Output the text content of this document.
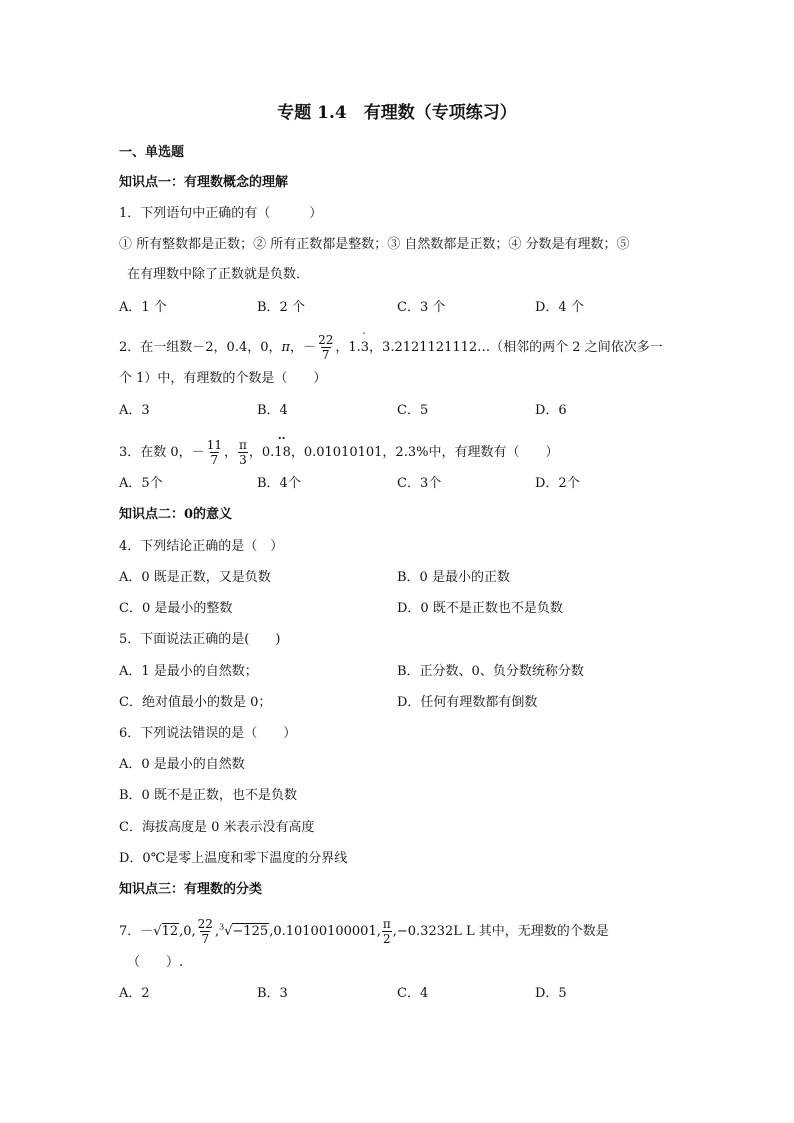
专题 1.4　有理数（专项练习）
一、单选题
知识点一：有理数概念的理解
1．下列语句中正确的有（　　　）
① 所有整数都是正数；② 所有正数都是整数；③ 自然数都是正数；④ 分数是有理数；⑤
在有理数中除了正数就是负数．
A．1 个	B．2 个	C．3 个	D．4 个
2．在一组数－2，0.4，0，π，－ $\frac{22}{7}$ ，1.3
·
，3.2121121112…（相邻的两个 2 之间依次多一
个 1）中，有理数的个数是（　　）
A．3	B．4	C．5	D．6
3．在数 0，－ $\frac{11}{7}$ ， $\frac{\pi}{3}$ ，0.18
··
，0.01010101，2.3%中，有理数有（　　）
A．5个	B．4个	C．3个	D．2个
知识点二：0的意义
4．下列结论正确的是（　）
A．0 既是正数，又是负数	B．0 是最小的正数
C．0 是最小的整数	D．0 既不是正数也不是负数
5．下面说法正确的是(　　)
A．1 是最小的自然数；	B．正分数、0、负分数统称分数
C．绝对值最小的数是 0；	D．任何有理数都有倒数
6．下列说法错误的是（　　）
A．0 是最小的自然数
B．0 既不是正数，也不是负数
C．海拔高度是 0 米表示没有高度
D．0℃是零上温度和零下温度的分界线
知识点三：有理数的分类
7．－√12,0, $\frac{22}{7} ,^3√-125,0.10100100001$, $\frac{\pi}{2} ,-0.3232L$ L 其中，无理数的个数是
（　　）.
A．2	B．3	C．4	D．5
